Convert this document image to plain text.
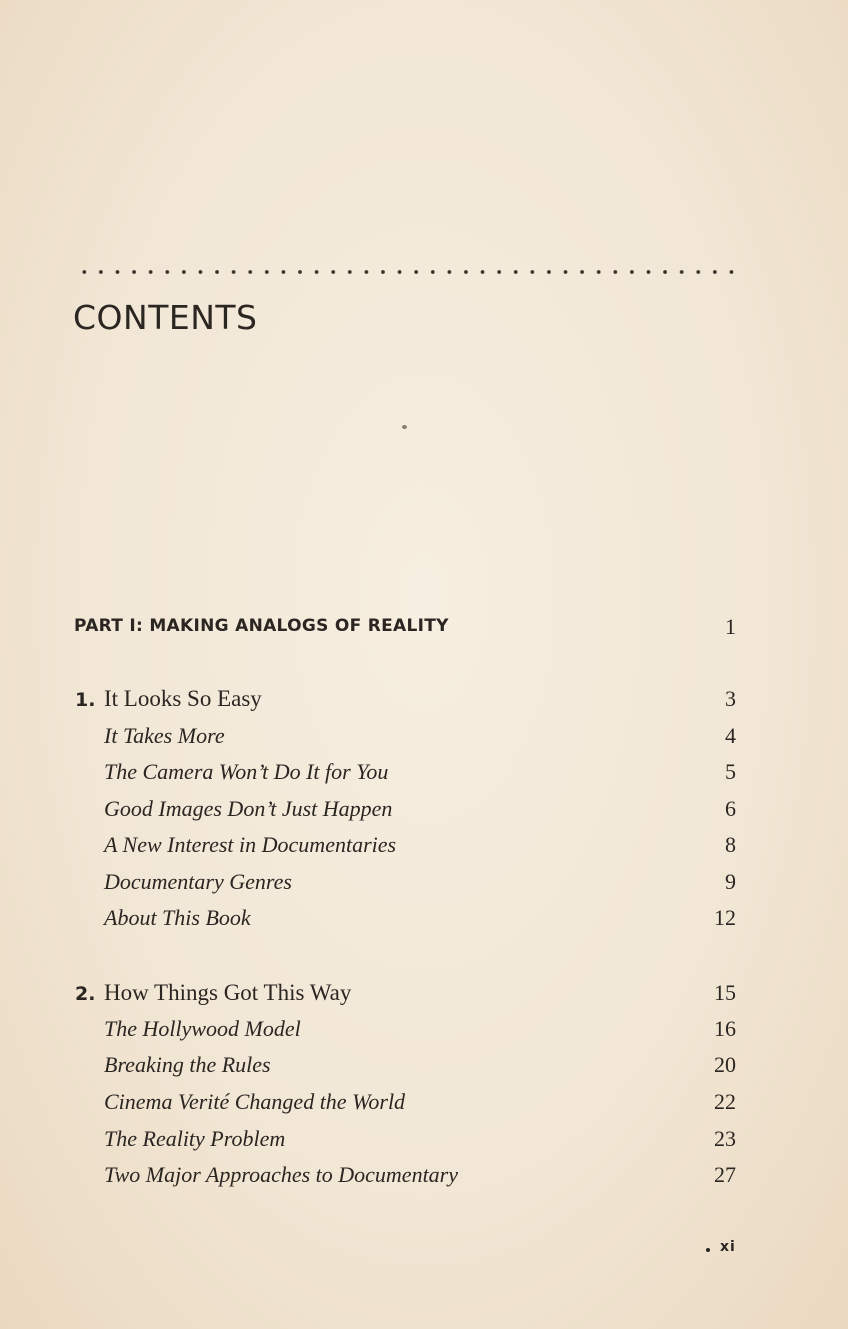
CONTENTS
PART I: MAKING ANALOGS OF REALITY	1
1. It Looks So Easy	3
It Takes More	4
The Camera Won’t Do It for You	5
Good Images Don’t Just Happen	6
A New Interest in Documentaries	8
Documentary Genres	9
About This Book	12
2. How Things Got This Way	15
The Hollywood Model	16
Breaking the Rules	20
Cinema Verité Changed the World	22
The Reality Problem	23
Two Major Approaches to Documentary	27
xi
